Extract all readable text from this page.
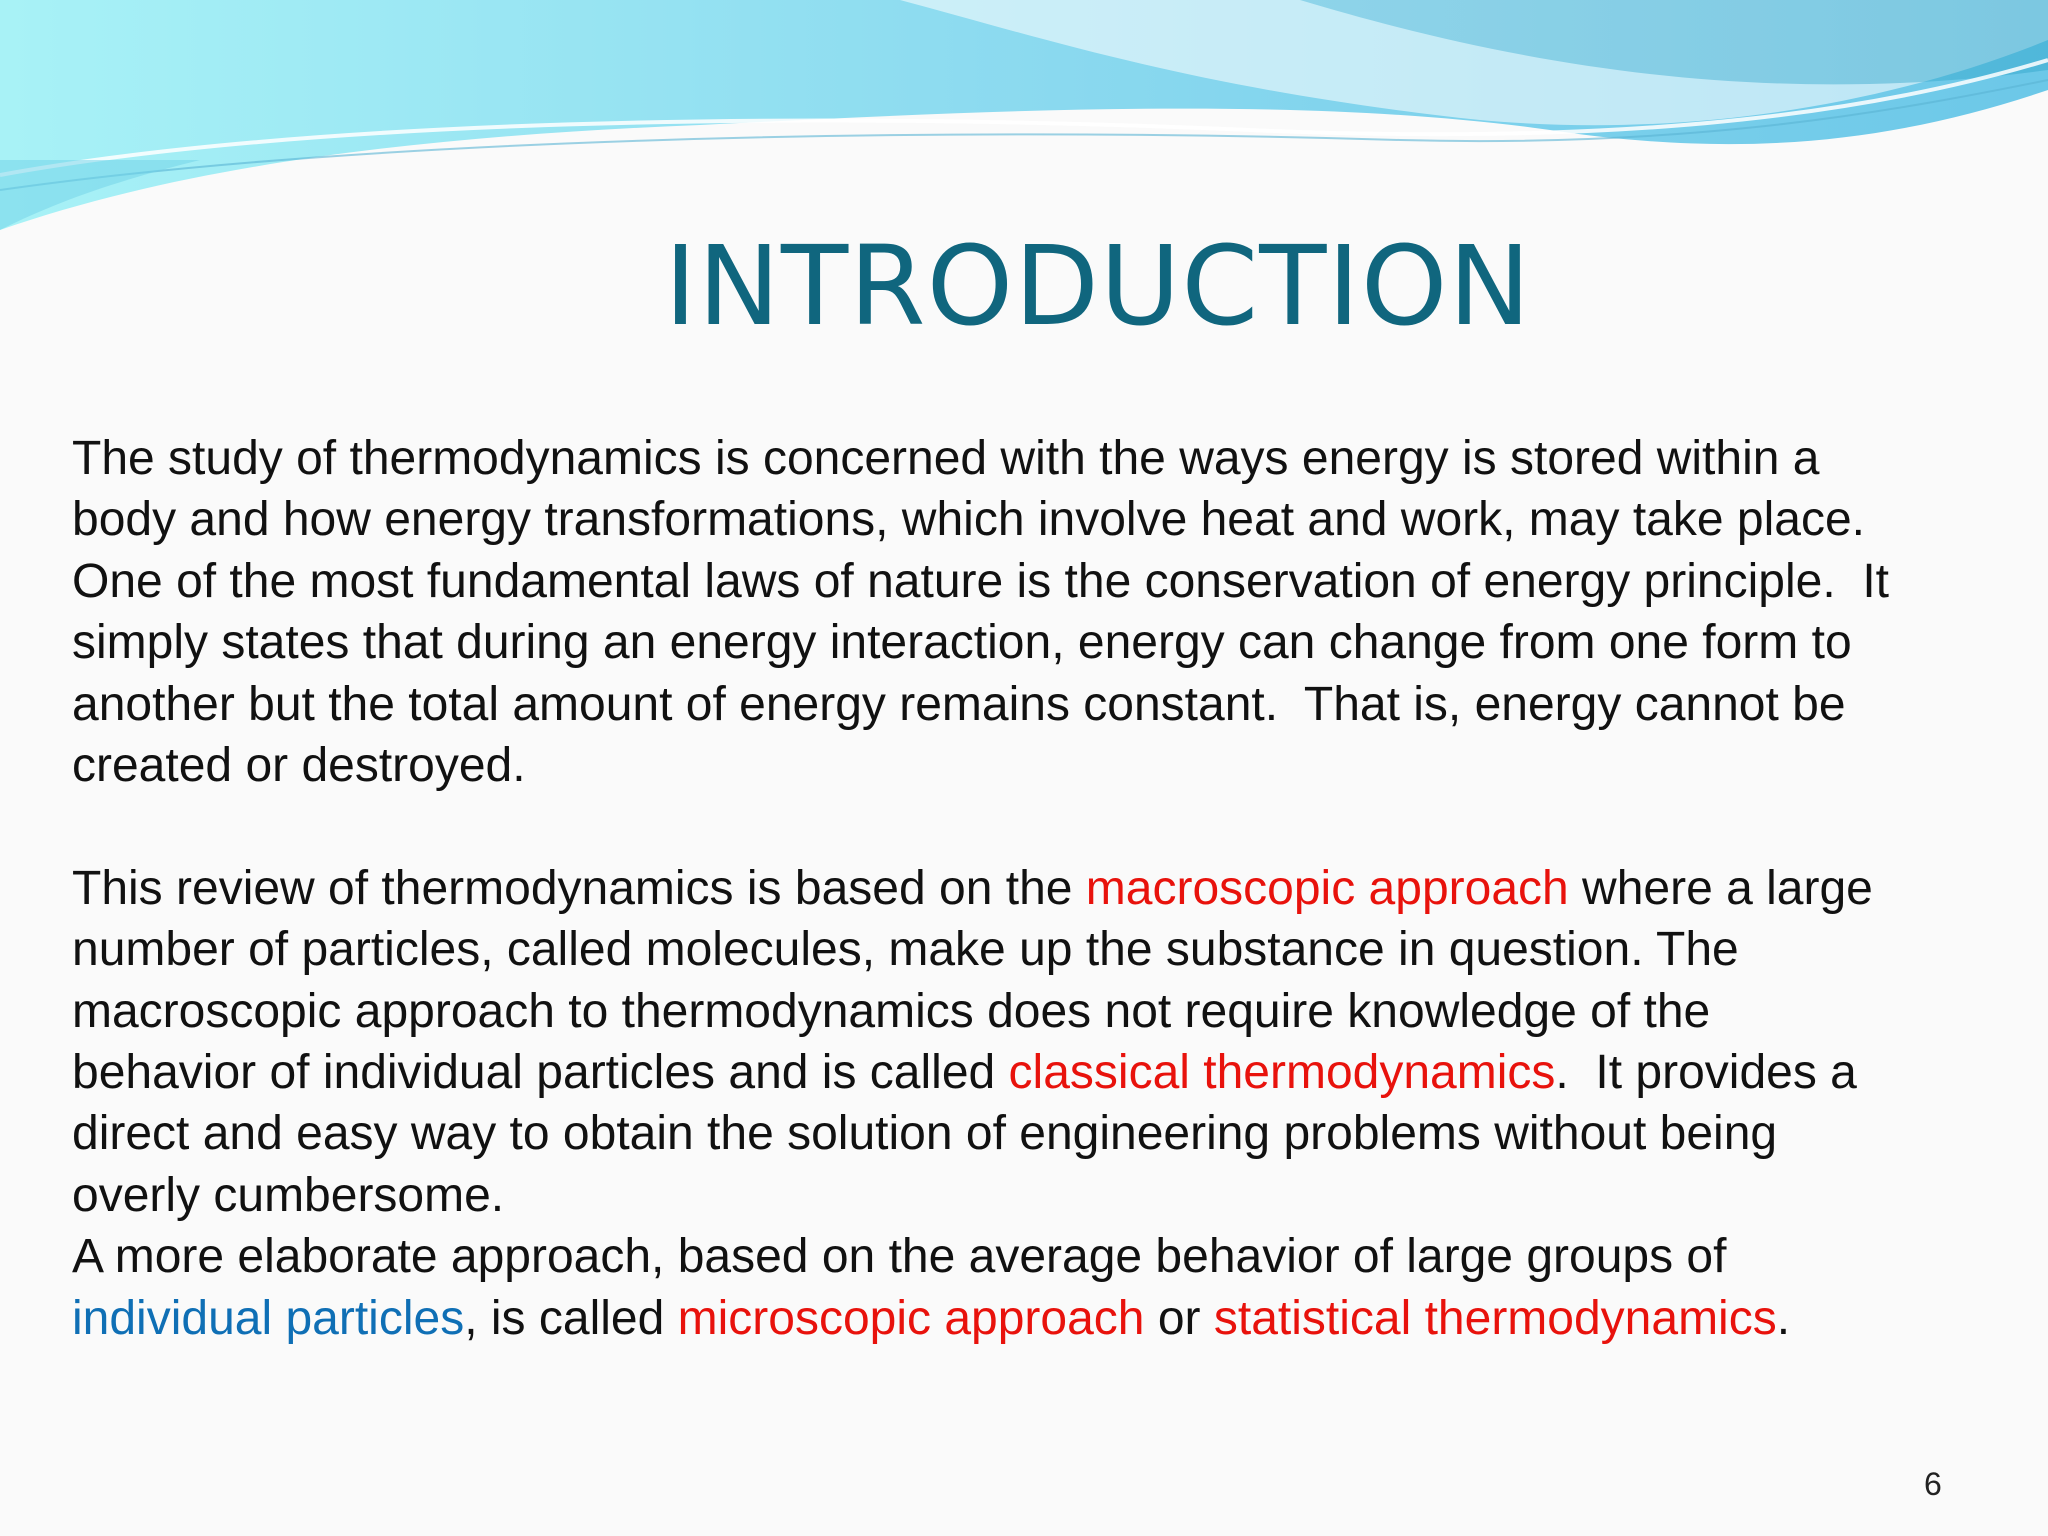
INTRODUCTION

The study of thermodynamics is concerned with the ways energy is stored within a

body and how energy transformations, which involve heat and work, may take place.

One of the most fundamental laws of nature is the conservation of energy principle.  It

simply states that during an energy interaction, energy can change from one form to

another but the total amount of energy remains constant.  That is, energy cannot be

created or destroyed.

This review of thermodynamics is based on the macroscopic approach where a large

number of particles, called molecules, make up the substance in question. The

macroscopic approach to thermodynamics does not require knowledge of the

behavior of individual particles and is called classical thermodynamics.  It provides a

direct and easy way to obtain the solution of engineering problems without being

overly cumbersome.

A more elaborate approach, based on the average behavior of large groups of

individual particles, is called microscopic approach or statistical thermodynamics.

6
